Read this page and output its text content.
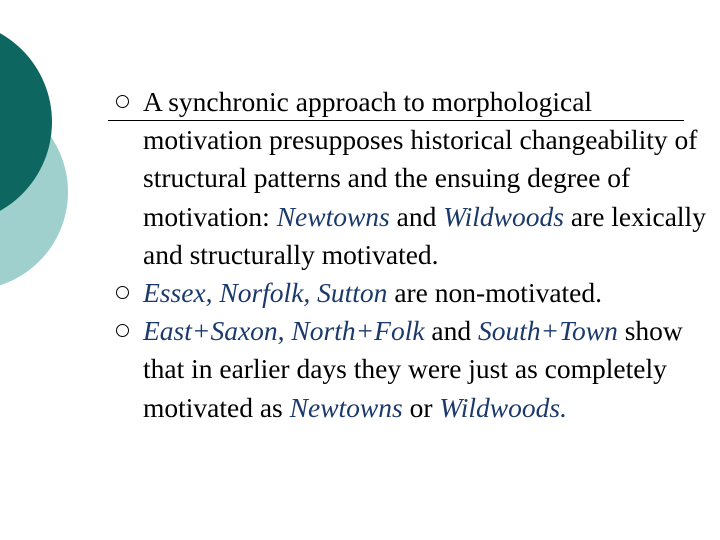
A synchronic approach to morphological motivation presupposes historical changeability of structural patterns and the ensuing degree of motivation: Newtowns and Wildwoods are lexically and structurally motivated.
Essex, Norfolk, Sutton are non-motivated.
East+Saxon, North+Folk and South+Town show that in earlier days they were just as completely motivated as Newtowns or Wildwoods.
